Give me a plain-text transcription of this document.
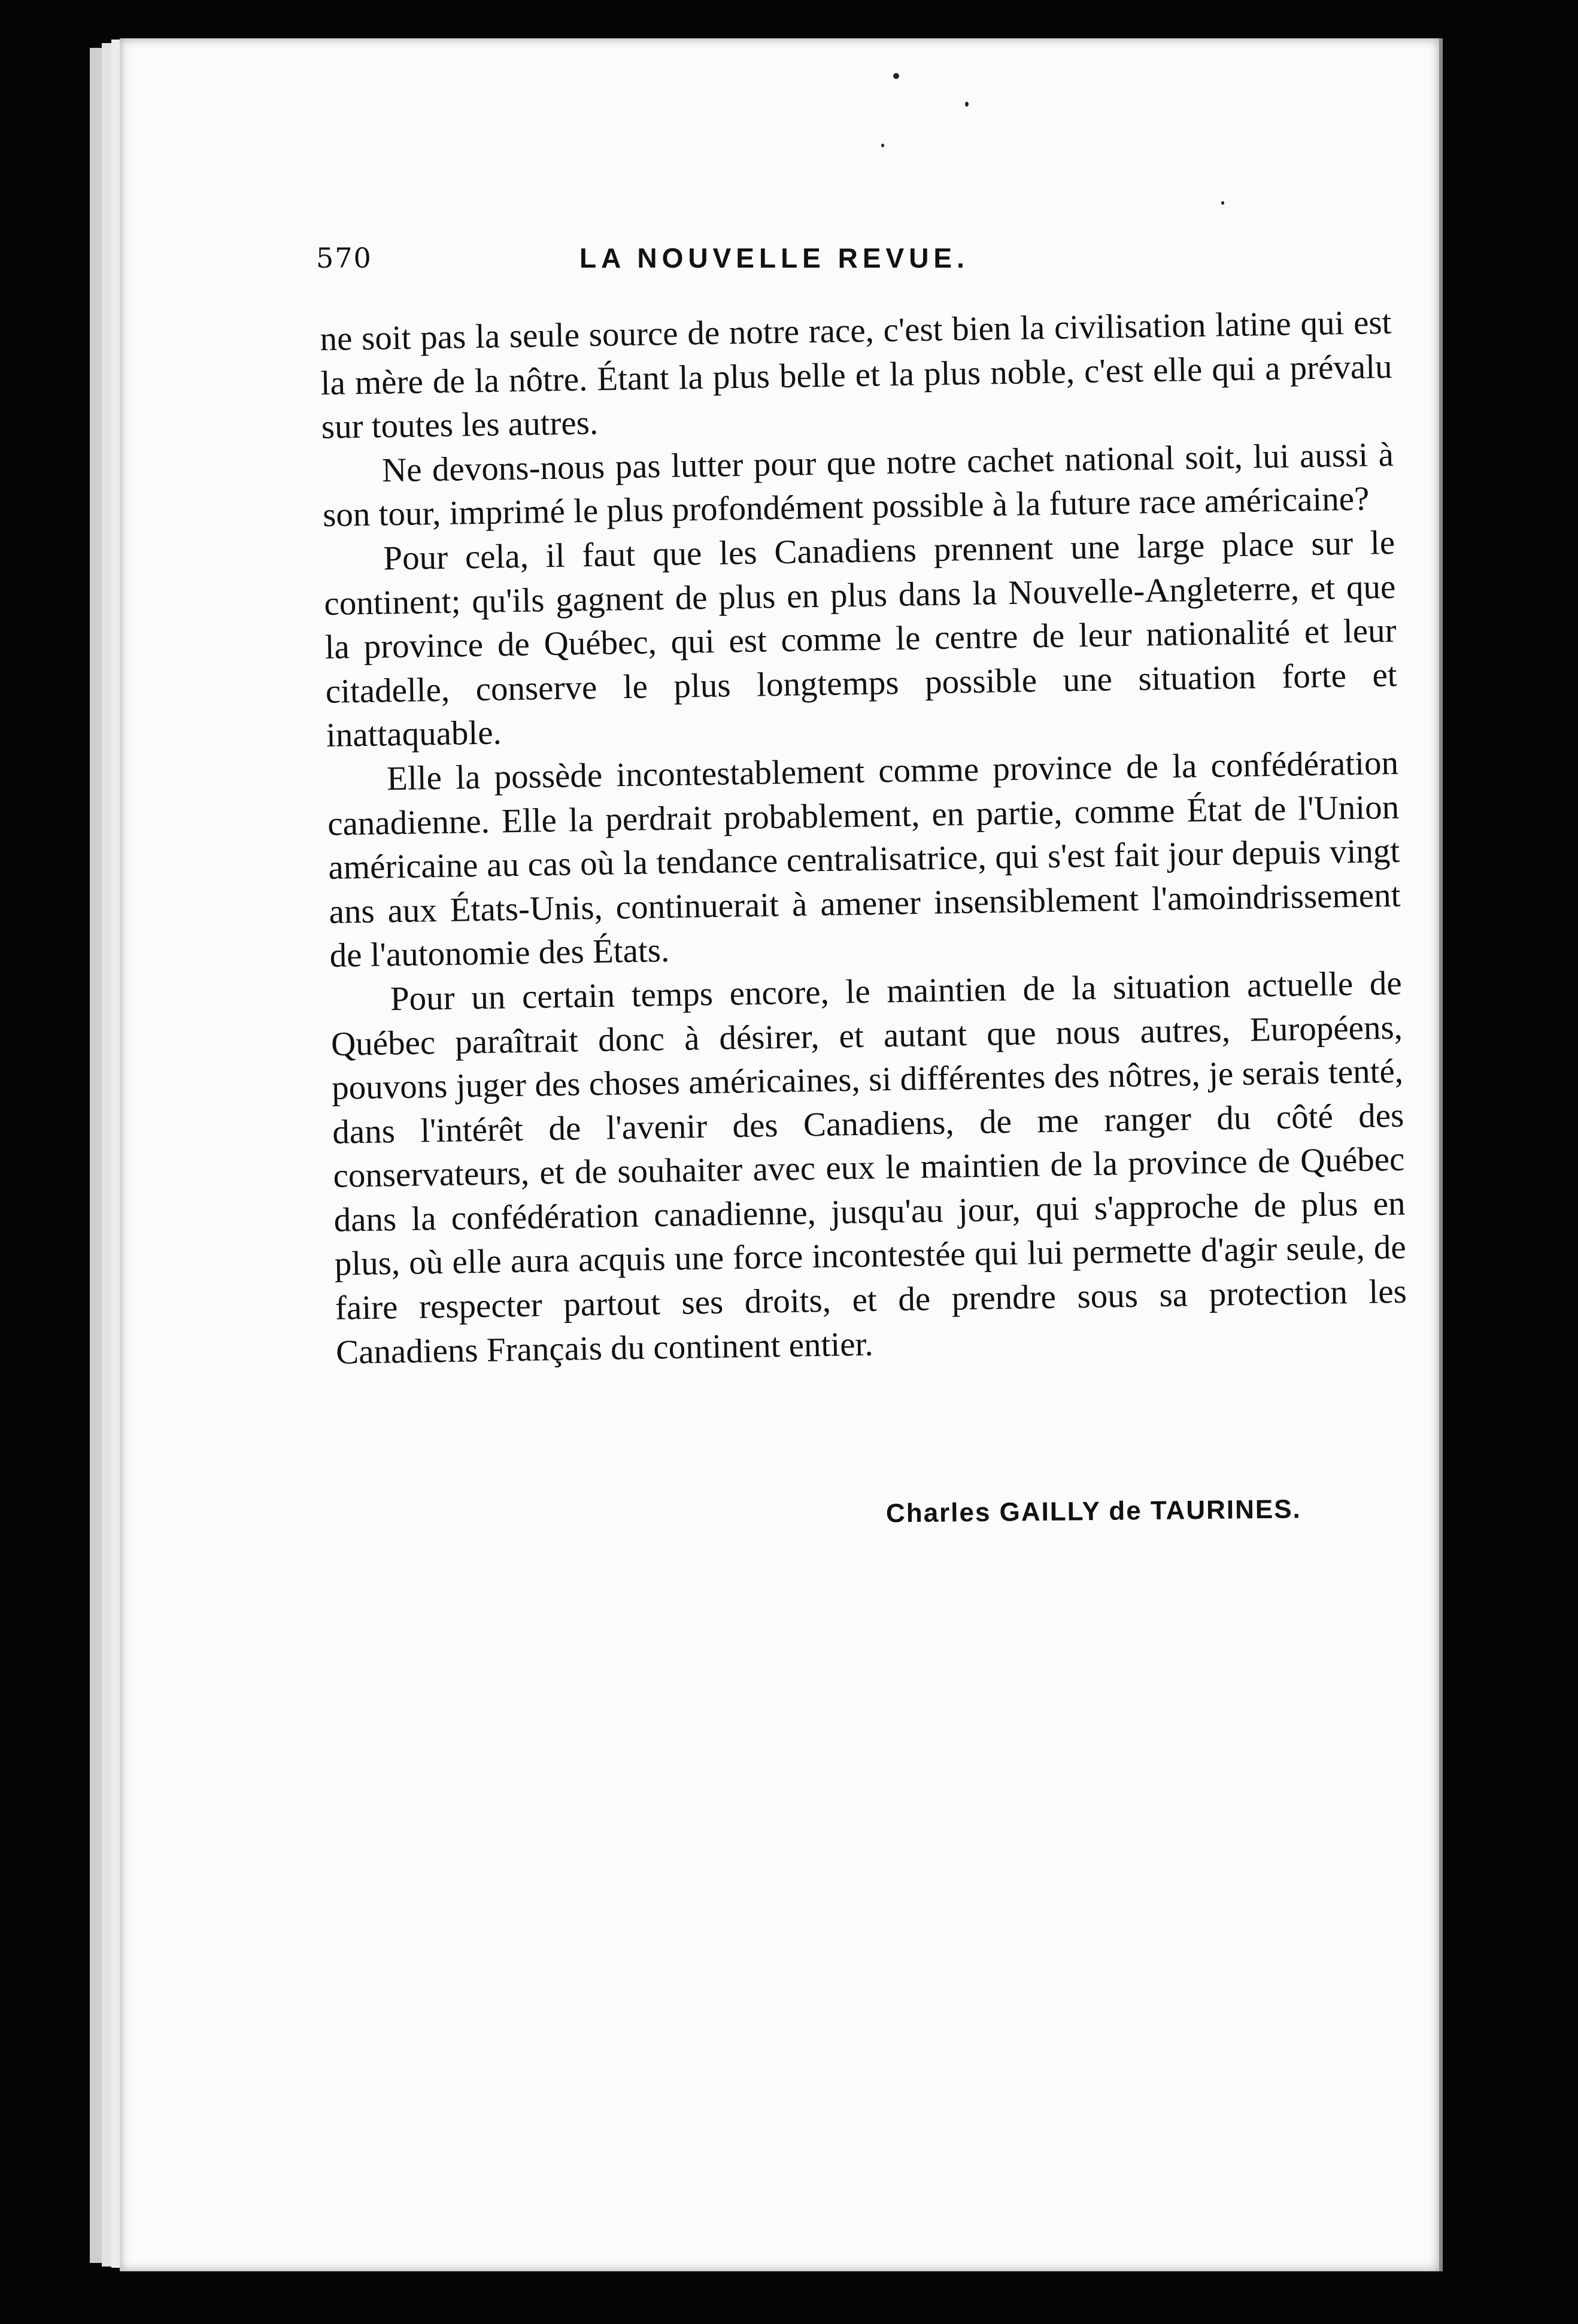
570	LA NOUVELLE REVUE.

ne soit pas la seule source de notre race, c'est bien la civilisation latine qui est la mère de la nôtre. Étant la plus belle et la plus noble, c'est elle qui a prévalu sur toutes les autres.

Ne devons-nous pas lutter pour que notre cachet national soit, lui aussi à son tour, imprimé le plus profondément possible à la future race américaine?

Pour cela, il faut que les Canadiens prennent une large place sur le continent; qu'ils gagnent de plus en plus dans la Nouvelle-Angleterre, et que la province de Québec, qui est comme le centre de leur nationalité et leur citadelle, conserve le plus longtemps possible une situation forte et inattaquable.

Elle la possède incontestablement comme province de la confédération canadienne. Elle la perdrait probablement, en partie, comme État de l'Union américaine au cas où la tendance centralisatrice, qui s'est fait jour depuis vingt ans aux États-Unis, continuerait à amener insensiblement l'amoindrissement de l'autonomie des États.

Pour un certain temps encore, le maintien de la situation actuelle de Québec paraîtrait donc à désirer, et autant que nous autres, Européens, pouvons juger des choses américaines, si différentes des nôtres, je serais tenté, dans l'intérêt de l'avenir des Canadiens, de me ranger du côté des conservateurs, et de souhaiter avec eux le maintien de la province de Québec dans la confédération canadienne, jusqu'au jour, qui s'approche de plus en plus, où elle aura acquis une force incontestée qui lui permette d'agir seule, de faire respecter partout ses droits, et de prendre sous sa protection les Canadiens Français du continent entier.

Charles GAILLY de TAURINES.
